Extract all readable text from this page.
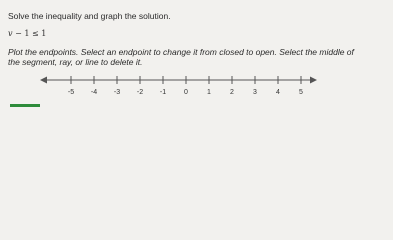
Solve the inequality and graph the solution.

v − 1 ≤ 1
Plot the endpoints. Select an endpoint to change it from closed to open. Select the middle of
the segment, ray, or line to delete it.
-5 -4 -3 -2 -1	0	1	2	3	4	5
